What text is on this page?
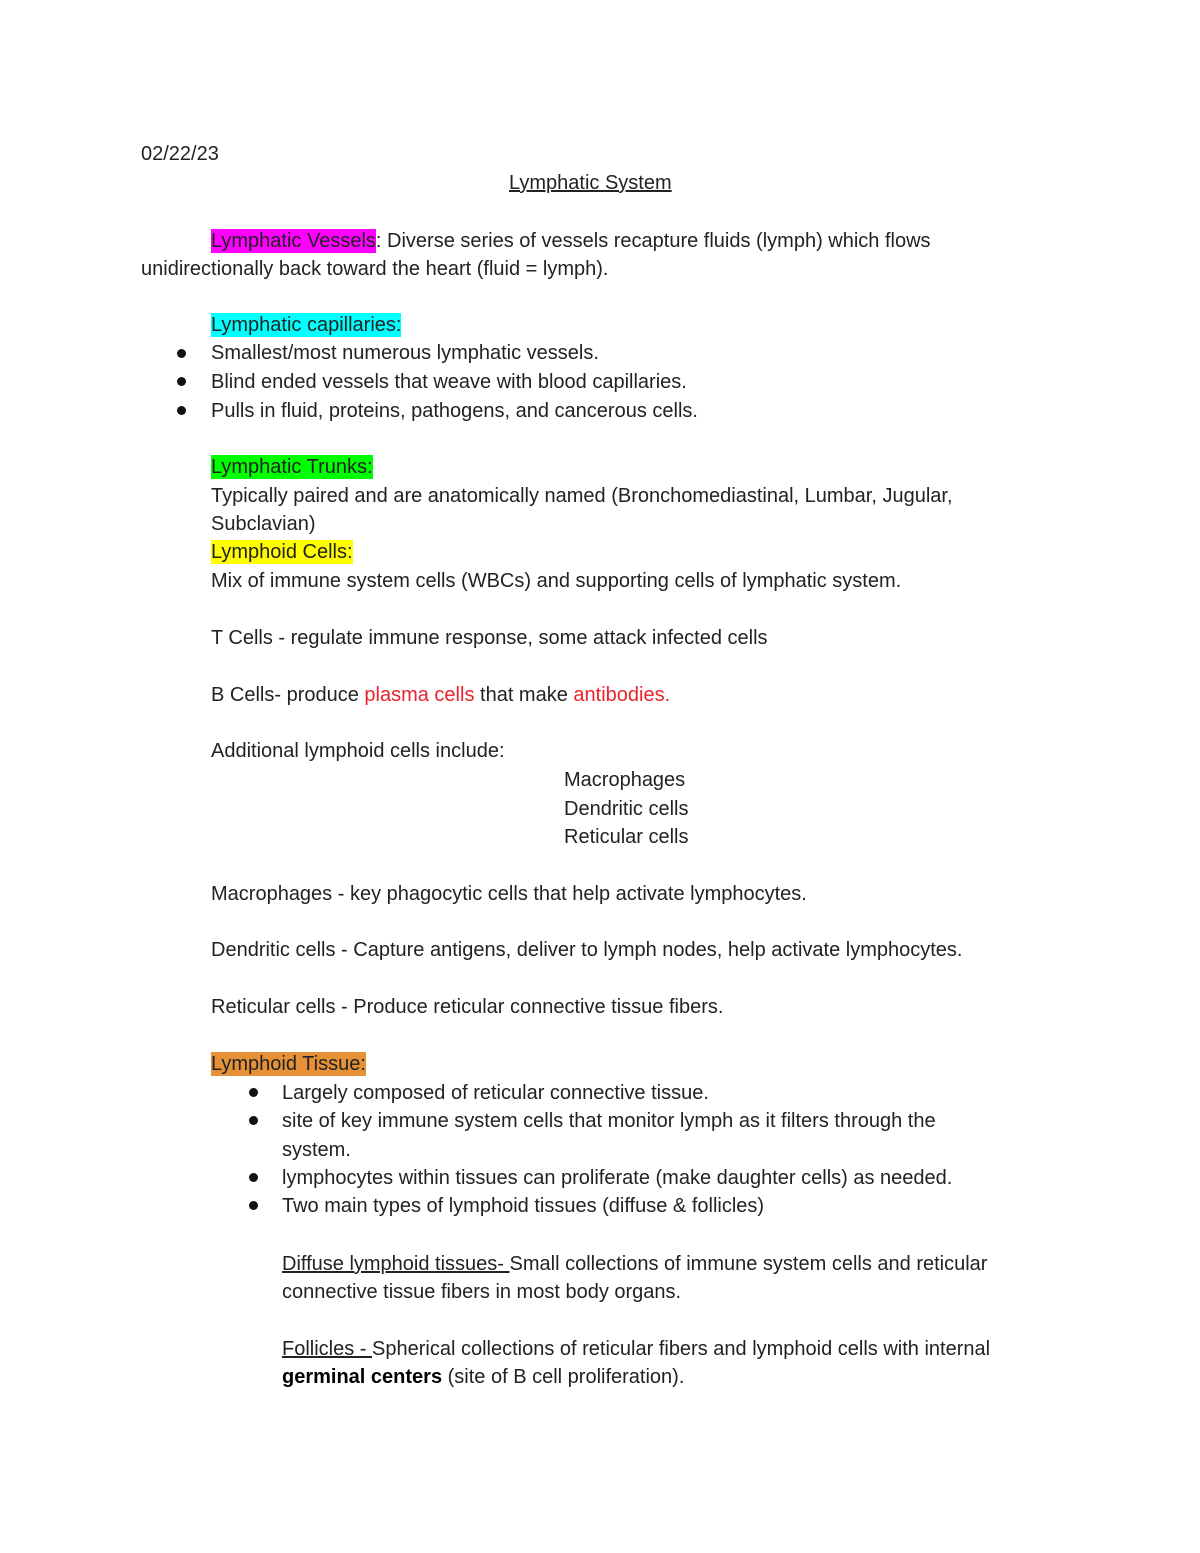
02/22/23
Lymphatic System
Lymphatic Vessels: Diverse series of vessels recapture fluids (lymph) which flows
unidirectionally back toward the heart (fluid = lymph).
Lymphatic capillaries:
Smallest/most numerous lymphatic vessels.
Blind ended vessels that weave with blood capillaries.
Pulls in fluid, proteins, pathogens, and cancerous cells.
Lymphatic Trunks:
Typically paired and are anatomically named (Bronchomediastinal, Lumbar, Jugular,
Subclavian)
Lymphoid Cells:
Mix of immune system cells (WBCs) and supporting cells of lymphatic system.
T Cells - regulate immune response, some attack infected cells
B Cells- produce plasma cells that make antibodies.
Additional lymphoid cells include:
Macrophages
Dendritic cells
Reticular cells
Macrophages - key phagocytic cells that help activate lymphocytes.
Dendritic cells - Capture antigens, deliver to lymph nodes, help activate lymphocytes.
Reticular cells - Produce reticular connective tissue fibers.
Lymphoid Tissue:
Largely composed of reticular connective tissue.
site of key immune system cells that monitor lymph as it filters through the
system.
lymphocytes within tissues can proliferate (make daughter cells) as needed.
Two main types of lymphoid tissues (diffuse & follicles)
Diffuse lymphoid tissues- Small collections of immune system cells and reticular
connective tissue fibers in most body organs.
Follicles - Spherical collections of reticular fibers and lymphoid cells with internal
germinal centers (site of B cell proliferation).
